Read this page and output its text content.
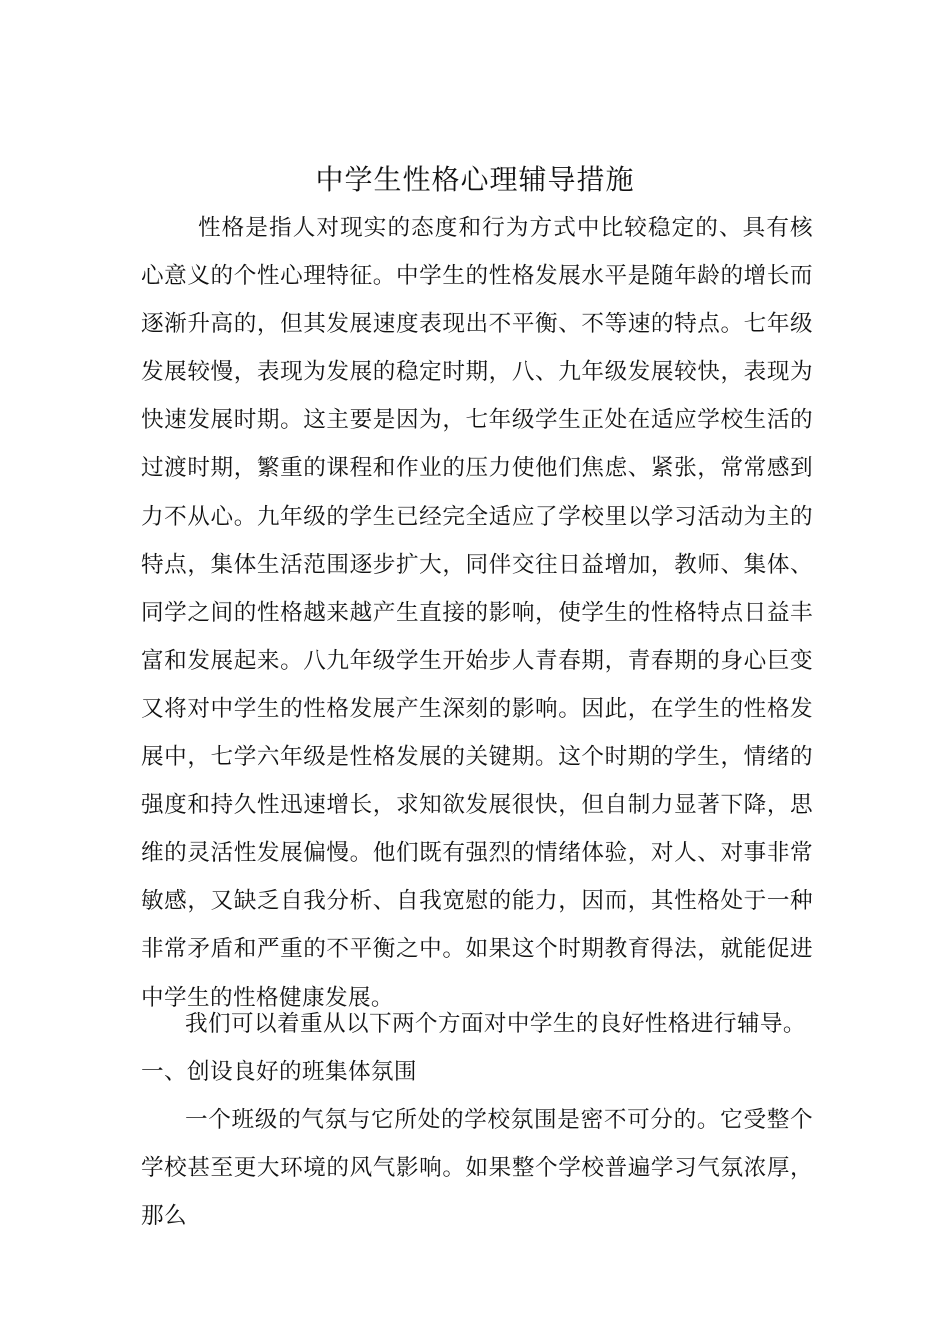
中学生性格心理辅导措施

性格是指人对现实的态度和行为方式中比较稳定的、具有核心意义的个性心理特征。中学生的性格发展水平是随年龄的增长而逐渐升高的，但其发展速度表现出不平衡、不等速的特点。七年级发展较慢，表现为发展的稳定时期，八、九年级发展较快，表现为快速发展时期。这主要是因为，七年级学生正处在适应学校生活的过渡时期，繁重的课程和作业的压力使他们焦虑、紧张，常常感到力不从心。九年级的学生已经完全适应了学校里以学习活动为主的特点，集体生活范围逐步扩大，同伴交往日益增加，教师、集体、同学之间的性格越来越产生直接的影响，使学生的性格特点日益丰富和发展起来。八九年级学生开始步人青春期，青春期的身心巨变又将对中学生的性格发展产生深刻的影响。因此，在学生的性格发展中，七学六年级是性格发展的关键期。这个时期的学生，情绪的强度和持久性迅速增长，求知欲发展很快，但自制力显著下降，思维的灵活性发展偏慢。他们既有强烈的情绪体验，对人、对事非常敏感，又缺乏自我分析、自我宽慰的能力，因而，其性格处于一种非常矛盾和严重的不平衡之中。如果这个时期教育得法，就能促进中学生的性格健康发展。

我们可以着重从以下两个方面对中学生的良好性格进行辅导。

一、创设良好的班集体氛围

一个班级的气氛与它所处的学校氛围是密不可分的。它受整个学校甚至更大环境的风气影响。如果整个学校普遍学习气氛浓厚，那么
